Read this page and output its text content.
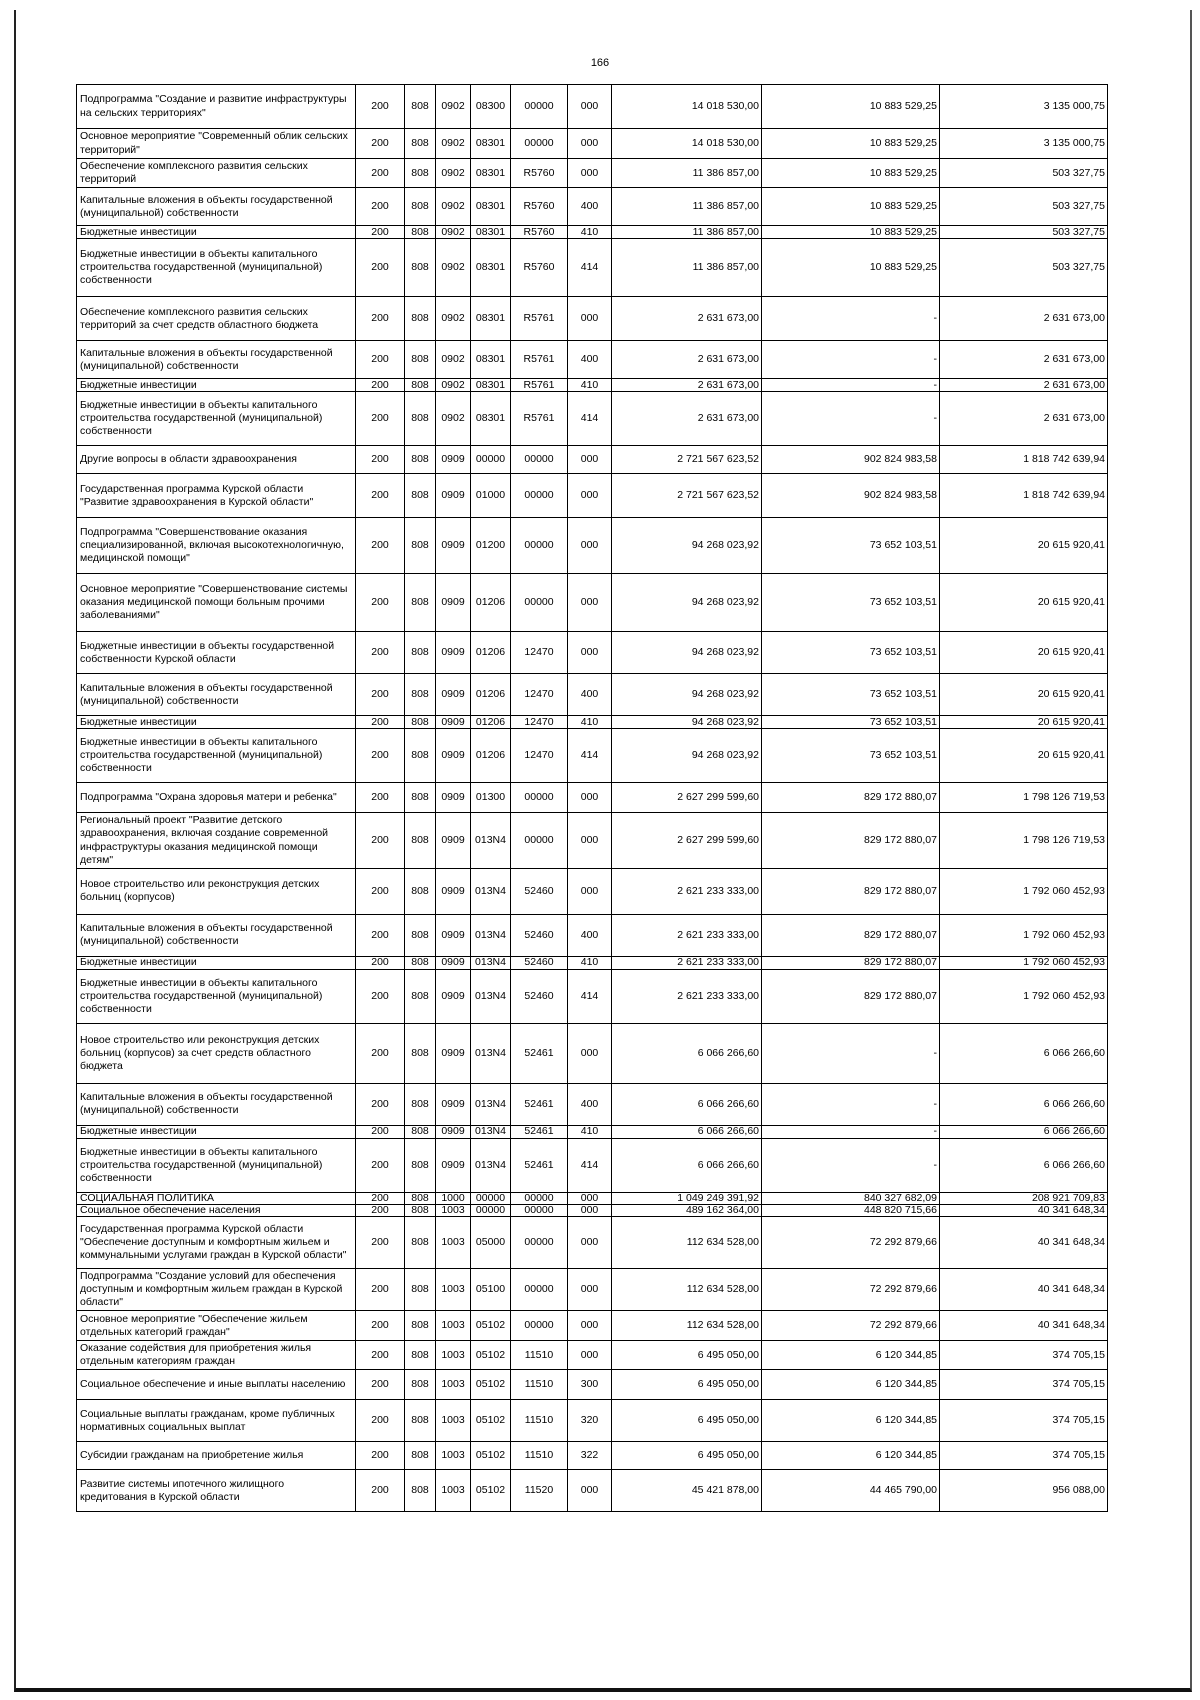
166
Подпрограмма "Создание и развитие инфраструктуры на сельских территориях"	200	808	0902	08300	00000	000	14 018 530,00	10 883 529,25	3 135 000,75
Основное мероприятие "Современный облик сельских территорий"	200	808	0902	08301	00000	000	14 018 530,00	10 883 529,25	3 135 000,75
Обеспечение комплексного развития сельских территорий	200	808	0902	08301	R5760	000	11 386 857,00	10 883 529,25	503 327,75
Капитальные вложения в объекты государственной (муниципальной) собственности	200	808	0902	08301	R5760	400	11 386 857,00	10 883 529,25	503 327,75
Бюджетные инвестиции	200	808	0902	08301	R5760	410	11 386 857,00	10 883 529,25	503 327,75
Бюджетные инвестиции в объекты капитального строительства государственной (муниципальной) собственности	200	808	0902	08301	R5760	414	11 386 857,00	10 883 529,25	503 327,75
Обеспечение комплексного развития сельских территорий за счет средств областного бюджета	200	808	0902	08301	R5761	000	2 631 673,00	-	2 631 673,00
Капитальные вложения в объекты государственной (муниципальной) собственности	200	808	0902	08301	R5761	400	2 631 673,00	-	2 631 673,00
Бюджетные инвестиции	200	808	0902	08301	R5761	410	2 631 673,00	-	2 631 673,00
Бюджетные инвестиции в объекты капитального строительства государственной (муниципальной) собственности	200	808	0902	08301	R5761	414	2 631 673,00	-	2 631 673,00
Другие вопросы в области здравоохранения	200	808	0909	00000	00000	000	2 721 567 623,52	902 824 983,58	1 818 742 639,94
Государственная программа Курской области "Развитие здравоохранения в Курской области"	200	808	0909	01000	00000	000	2 721 567 623,52	902 824 983,58	1 818 742 639,94
Подпрограмма "Совершенствование оказания специализированной, включая высокотехнологичную, медицинской помощи"	200	808	0909	01200	00000	000	94 268 023,92	73 652 103,51	20 615 920,41
Основное мероприятие "Совершенствование системы оказания медицинской помощи больным прочими заболеваниями"	200	808	0909	01206	00000	000	94 268 023,92	73 652 103,51	20 615 920,41
Бюджетные инвестиции в объекты государственной собственности Курской области	200	808	0909	01206	12470	000	94 268 023,92	73 652 103,51	20 615 920,41
Капитальные вложения в объекты государственной (муниципальной) собственности	200	808	0909	01206	12470	400	94 268 023,92	73 652 103,51	20 615 920,41
Бюджетные инвестиции	200	808	0909	01206	12470	410	94 268 023,92	73 652 103,51	20 615 920,41
Бюджетные инвестиции в объекты капитального строительства государственной (муниципальной) собственности	200	808	0909	01206	12470	414	94 268 023,92	73 652 103,51	20 615 920,41
Подпрограмма "Охрана здоровья матери и ребенка"	200	808	0909	01300	00000	000	2 627 299 599,60	829 172 880,07	1 798 126 719,53
Региональный проект "Развитие детского здравоохранения, включая создание современной инфраструктуры оказания медицинской помощи детям"	200	808	0909	013N4	00000	000	2 627 299 599,60	829 172 880,07	1 798 126 719,53
Новое строительство или реконструкция детских больниц (корпусов)	200	808	0909	013N4	52460	000	2 621 233 333,00	829 172 880,07	1 792 060 452,93
Капитальные вложения в объекты государственной (муниципальной) собственности	200	808	0909	013N4	52460	400	2 621 233 333,00	829 172 880,07	1 792 060 452,93
Бюджетные инвестиции	200	808	0909	013N4	52460	410	2 621 233 333,00	829 172 880,07	1 792 060 452,93
Бюджетные инвестиции в объекты капитального строительства государственной (муниципальной) собственности	200	808	0909	013N4	52460	414	2 621 233 333,00	829 172 880,07	1 792 060 452,93
Новое строительство или реконструкция детских больниц (корпусов) за счет средств областного бюджета	200	808	0909	013N4	52461	000	6 066 266,60	-	6 066 266,60
Капитальные вложения в объекты государственной (муниципальной) собственности	200	808	0909	013N4	52461	400	6 066 266,60	-	6 066 266,60
Бюджетные инвестиции	200	808	0909	013N4	52461	410	6 066 266,60	-	6 066 266,60
Бюджетные инвестиции в объекты капитального строительства государственной (муниципальной) собственности	200	808	0909	013N4	52461	414	6 066 266,60	-	6 066 266,60
СОЦИАЛЬНАЯ ПОЛИТИКА	200	808	1000	00000	00000	000	1 049 249 391,92	840 327 682,09	208 921 709,83
Социальное обеспечение населения	200	808	1003	00000	00000	000	489 162 364,00	448 820 715,66	40 341 648,34
Государственная программа Курской области "Обеспечение доступным и комфортным жильем и коммунальными услугами граждан в Курской области"	200	808	1003	05000	00000	000	112 634 528,00	72 292 879,66	40 341 648,34
Подпрограмма "Создание условий для обеспечения доступным и комфортным жильем граждан в Курской области"	200	808	1003	05100	00000	000	112 634 528,00	72 292 879,66	40 341 648,34
Основное мероприятие "Обеспечение жильем отдельных категорий граждан"	200	808	1003	05102	00000	000	112 634 528,00	72 292 879,66	40 341 648,34
Оказание содействия для приобретения жилья отдельным категориям граждан	200	808	1003	05102	11510	000	6 495 050,00	6 120 344,85	374 705,15
Социальное обеспечение и иные выплаты населению	200	808	1003	05102	11510	300	6 495 050,00	6 120 344,85	374 705,15
Социальные выплаты гражданам, кроме публичных нормативных социальных выплат	200	808	1003	05102	11510	320	6 495 050,00	6 120 344,85	374 705,15
Субсидии гражданам на приобретение жилья	200	808	1003	05102	11510	322	6 495 050,00	6 120 344,85	374 705,15
Развитие системы ипотечного жилищного кредитования в Курской области	200	808	1003	05102	11520	000	45 421 878,00	44 465 790,00	956 088,00
